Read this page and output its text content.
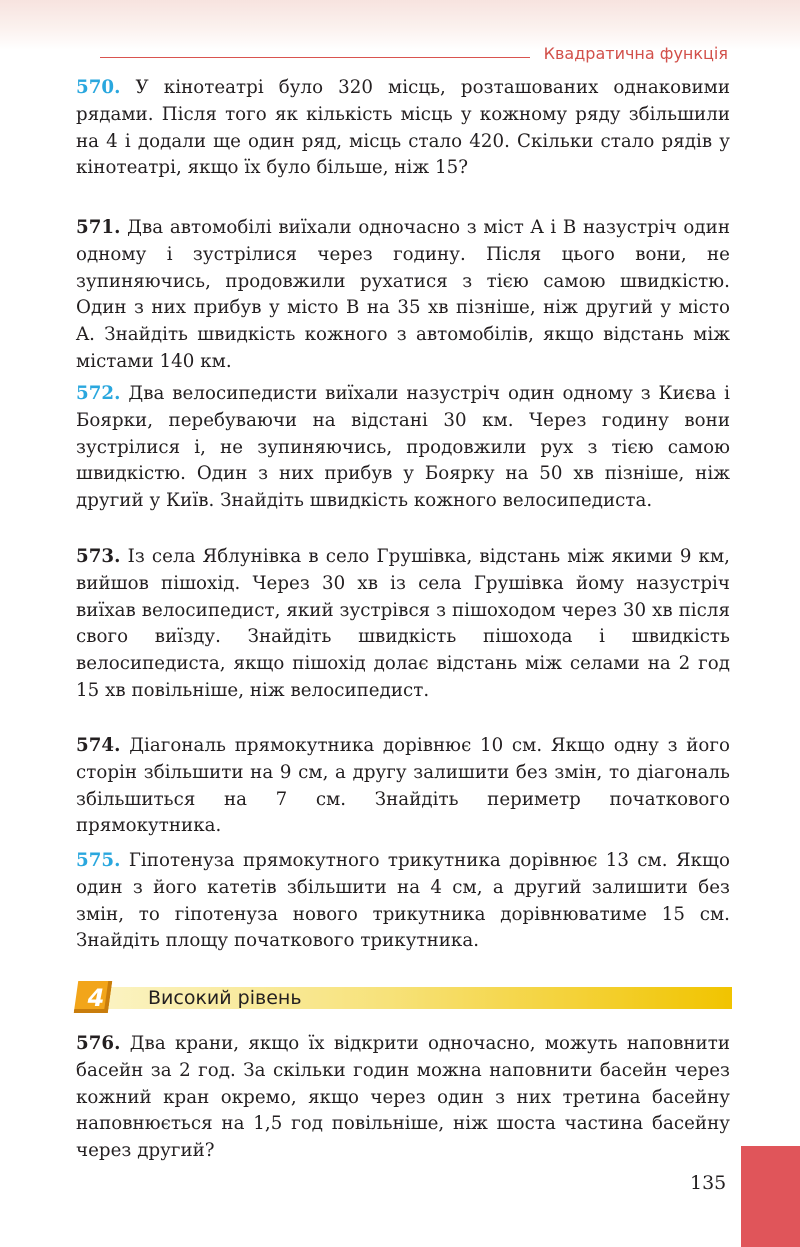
Квадратична функція
570. У кінотеатрі було 320 місць, розташованих однаковими рядами. Після того як кількість місць у кожному ряду збільшили на 4 і додали ще один ряд, місць стало 420. Скільки стало рядів у кінотеатрі, якщо їх було більше, ніж 15?
571. Два автомобілі виїхали одночасно з міст A і B назустріч один одному і зустрілися через годину. Після цього вони, не зупиняючись, продовжили рухатися з тією самою швидкістю. Один з них прибув у місто B на 35 хв пізніше, ніж другий у місто A. Знайдіть швидкість кожного з автомобілів, якщо відстань між містами 140 км.
572. Два велосипедисти виїхали назустріч один одному з Києва і Боярки, перебуваючи на відстані 30 км. Через годину вони зустрілися і, не зупиняючись, продовжили рух з тією самою швидкістю. Один з них прибув у Боярку на 50 хв пізніше, ніж другий у Київ. Знайдіть швидкість кожного велосипедиста.
573. Із села Яблунівка в село Грушівка, відстань між якими 9 км, вийшов пішохід. Через 30 хв із села Грушівка йому назустріч виїхав велосипедист, який зустрівся з пішоходом через 30 хв після свого виїзду. Знайдіть швидкість пішохода і швидкість велосипедиста, якщо пішохід долає відстань між селами на 2 год 15 хв повільніше, ніж велосипедист.
574. Діагональ прямокутника дорівнює 10 см. Якщо одну з його сторін збільшити на 9 см, а другу залишити без змін, то діагональ збільшиться на 7 см. Знайдіть периметр початкового прямокутника.
575. Гіпотенуза прямокутного трикутника дорівнює 13 см. Якщо один з його катетів збільшити на 4 см, а другий залишити без змін, то гіпотенуза нового трикутника дорівнюватиме 15 см. Знайдіть площу початкового трикутника.
4 Високий рівень
576. Два крани, якщо їх відкрити одночасно, можуть наповнити басейн за 2 год. За скільки годин можна наповнити басейн через кожний кран окремо, якщо через один з них третина басейну наповнюється на 1,5 год повільніше, ніж шоста частина басейну через другий?
135
